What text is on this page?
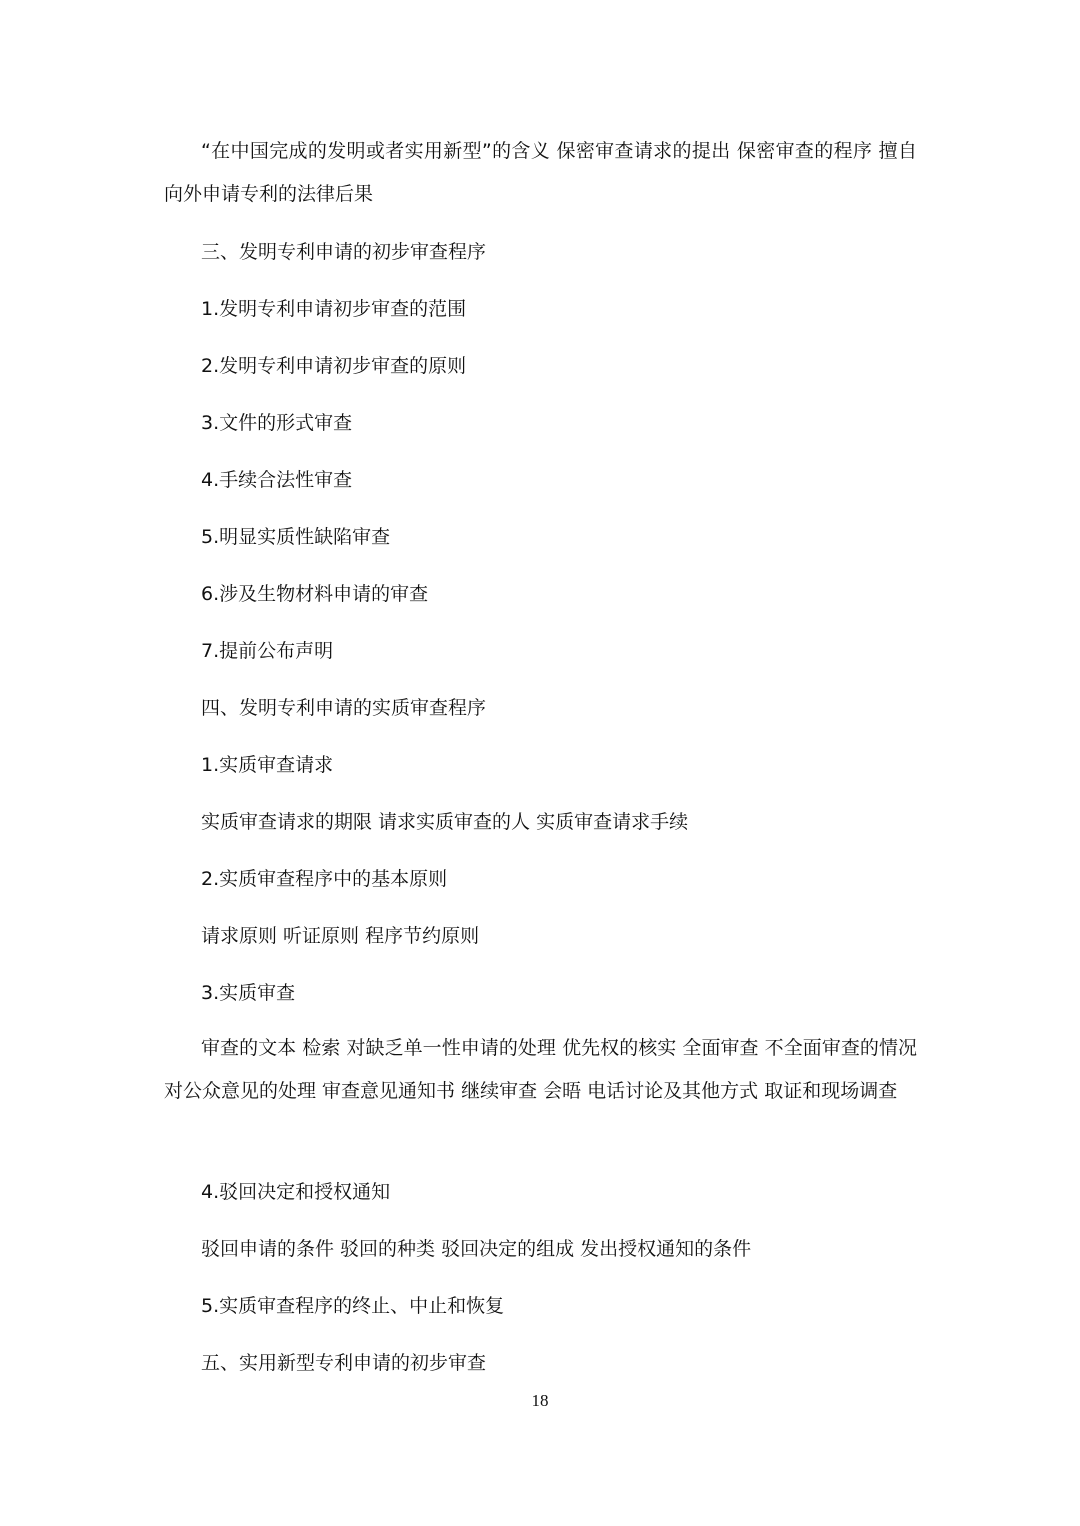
“在中国完成的发明或者实用新型”的含义 保密审查请求的提出 保密审查的程序 擅自向外申请专利的法律后果
三、发明专利申请的初步审查程序
1.发明专利申请初步审查的范围
2.发明专利申请初步审查的原则
3.文件的形式审查
4.手续合法性审查
5.明显实质性缺陷审查
6.涉及生物材料申请的审查
7.提前公布声明
四、发明专利申请的实质审查程序
1.实质审查请求
实质审查请求的期限 请求实质审查的人 实质审查请求手续
2.实质审查程序中的基本原则
请求原则 听证原则 程序节约原则
3.实质审查
审查的文本 检索 对缺乏单一性申请的处理 优先权的核实 全面审查 不全面审查的情况 对公众意见的处理 审查意见通知书 继续审查 会晤 电话讨论及其他方式 取证和现场调查
4.驳回决定和授权通知
驳回申请的条件 驳回的种类 驳回决定的组成 发出授权通知的条件
5.实质审查程序的终止、中止和恢复
五、实用新型专利申请的初步审查
18
